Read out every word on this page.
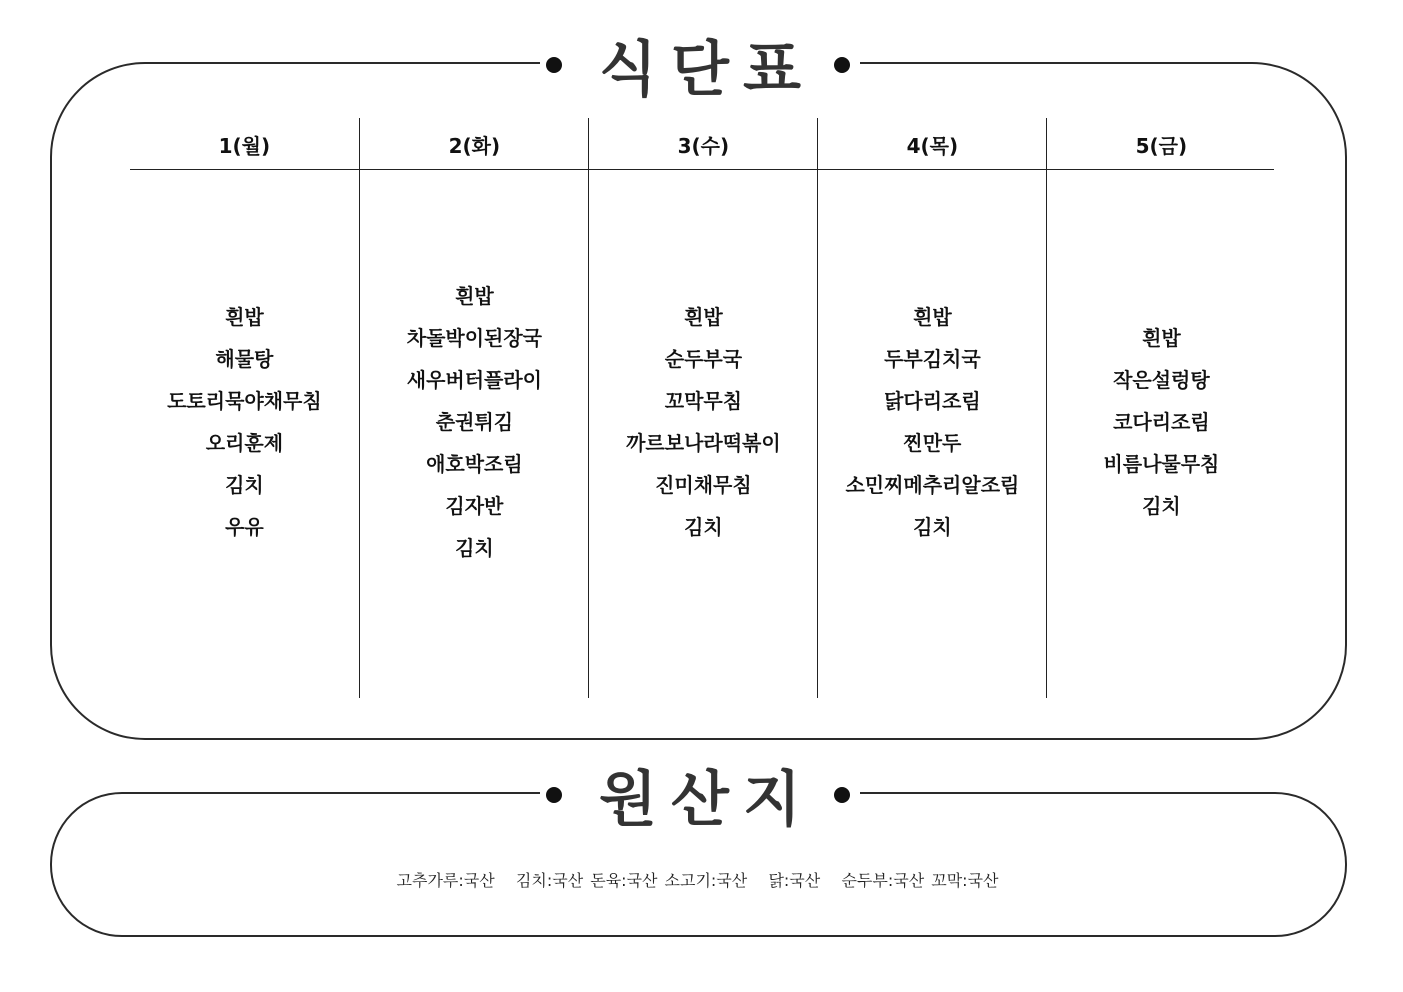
식단표
1(월)
흰밥
해물탕
도토리묵야채무침
오리훈제
김치
우유
2(화)
흰밥
차돌박이된장국
새우버터플라이
춘권튀김
애호박조림
김자반
김치
3(수)
흰밥
순두부국
꼬막무침
까르보나라떡볶이
진미채무침
김치
4(목)
흰밥
두부김치국
닭다리조림
찐만두
소민찌메추리알조림
김치
5(금)
흰밥
작은설렁탕
코다리조림
비름나물무침
김치
원산지
고추가루:국산   김치:국산 돈육:국산 소고기:국산   닭:국산   순두부:국산 꼬막:국산
